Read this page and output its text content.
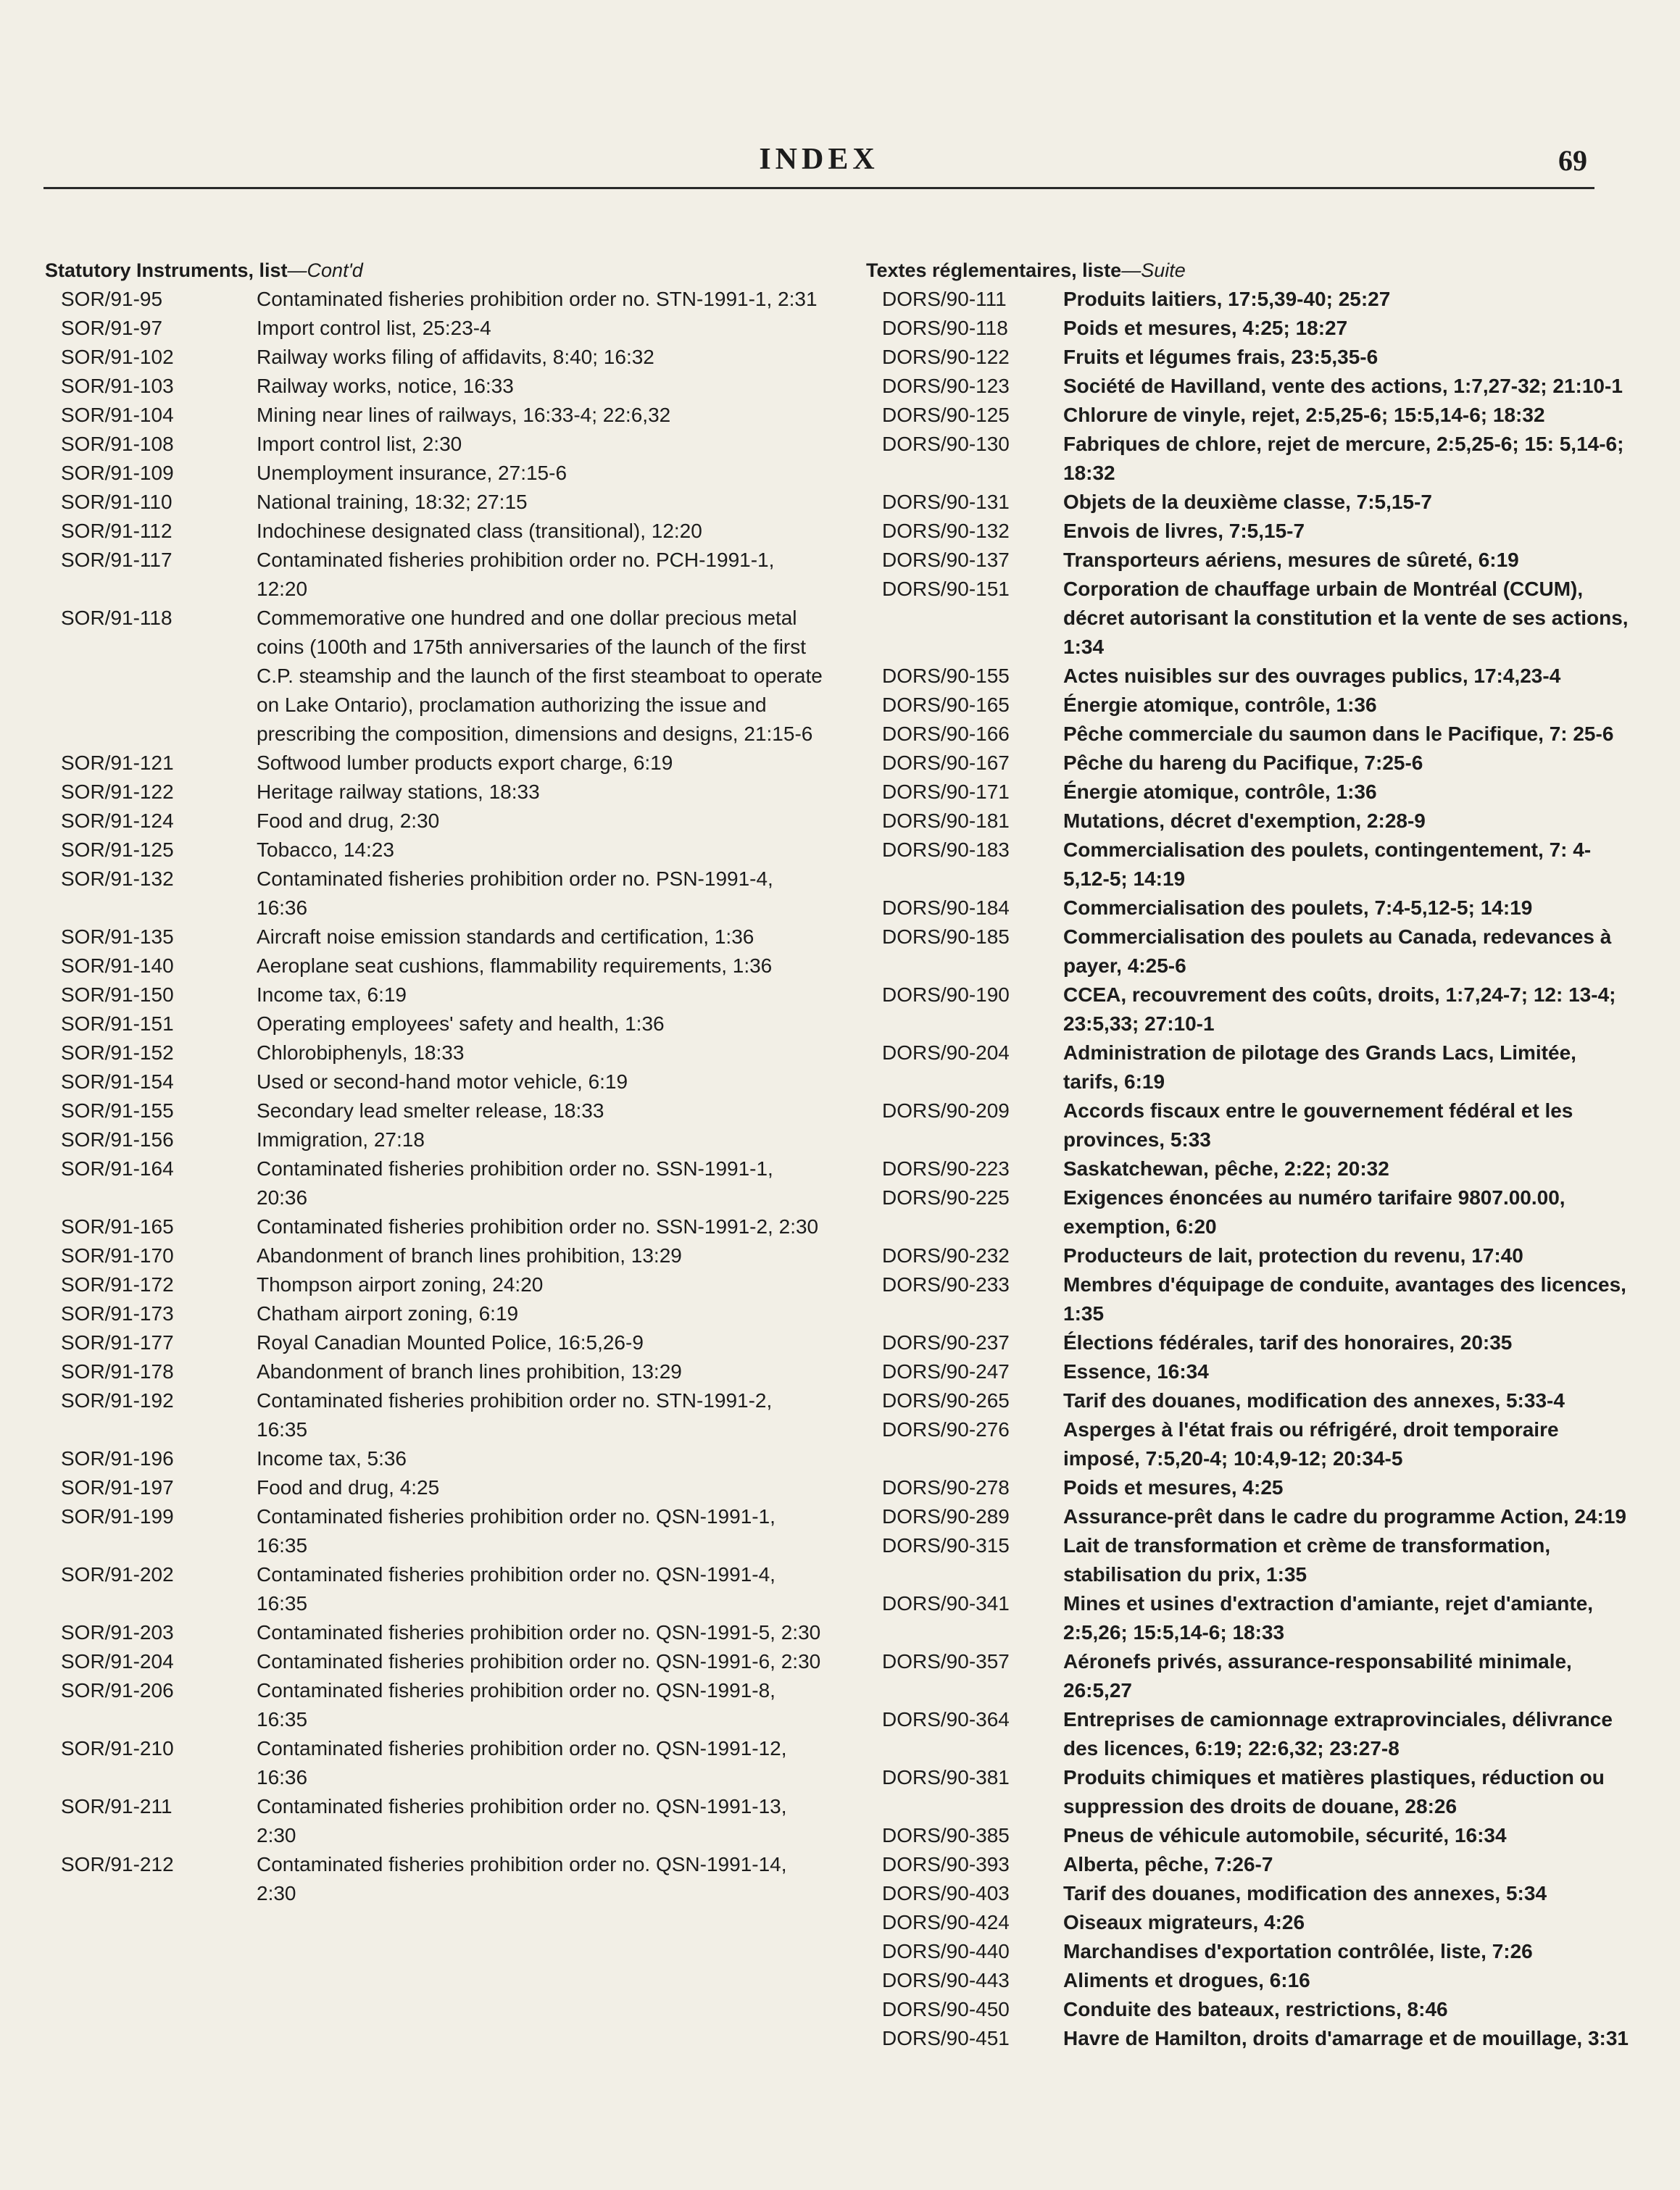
INDEX	69
Statutory Instruments, list—Cont'd
SOR/91-95	Contaminated fisheries prohibition order no. STN-1991-1, 2:31
SOR/91-97	Import control list, 25:23-4
SOR/91-102	Railway works filing of affidavits, 8:40; 16:32
SOR/91-103	Railway works, notice, 16:33
SOR/91-104	Mining near lines of railways, 16:33-4; 22:6,32
SOR/91-108	Import control list, 2:30
SOR/91-109	Unemployment insurance, 27:15-6
SOR/91-110	National training, 18:32; 27:15
SOR/91-112	Indochinese designated class (transitional), 12:20
SOR/91-117	Contaminated fisheries prohibition order no. PCH-1991-1, 12:20
SOR/91-118	Commemorative one hundred and one dollar precious metal coins (100th and 175th anniversaries of the launch of the first C.P. steamship and the launch of the first steamboat to operate on Lake Ontario), proclamation authorizing the issue and prescribing the composition, dimensions and designs, 21:15-6
SOR/91-121	Softwood lumber products export charge, 6:19
SOR/91-122	Heritage railway stations, 18:33
SOR/91-124	Food and drug, 2:30
SOR/91-125	Tobacco, 14:23
SOR/91-132	Contaminated fisheries prohibition order no. PSN-1991-4, 16:36
SOR/91-135	Aircraft noise emission standards and certification, 1:36
SOR/91-140	Aeroplane seat cushions, flammability requirements, 1:36
SOR/91-150	Income tax, 6:19
SOR/91-151	Operating employees' safety and health, 1:36
SOR/91-152	Chlorobiphenyls, 18:33
SOR/91-154	Used or second-hand motor vehicle, 6:19
SOR/91-155	Secondary lead smelter release, 18:33
SOR/91-156	Immigration, 27:18
SOR/91-164	Contaminated fisheries prohibition order no. SSN-1991-1, 20:36
SOR/91-165	Contaminated fisheries prohibition order no. SSN-1991-2, 2:30
SOR/91-170	Abandonment of branch lines prohibition, 13:29
SOR/91-172	Thompson airport zoning, 24:20
SOR/91-173	Chatham airport zoning, 6:19
SOR/91-177	Royal Canadian Mounted Police, 16:5,26-9
SOR/91-178	Abandonment of branch lines prohibition, 13:29
SOR/91-192	Contaminated fisheries prohibition order no. STN-1991-2, 16:35
SOR/91-196	Income tax, 5:36
SOR/91-197	Food and drug, 4:25
SOR/91-199	Contaminated fisheries prohibition order no. QSN-1991-1, 16:35
SOR/91-202	Contaminated fisheries prohibition order no. QSN-1991-4, 16:35
SOR/91-203	Contaminated fisheries prohibition order no. QSN-1991-5, 2:30
SOR/91-204	Contaminated fisheries prohibition order no. QSN-1991-6, 2:30
SOR/91-206	Contaminated fisheries prohibition order no. QSN-1991-8, 16:35
SOR/91-210	Contaminated fisheries prohibition order no. QSN-1991-12, 16:36
SOR/91-211	Contaminated fisheries prohibition order no. QSN-1991-13, 2:30
SOR/91-212	Contaminated fisheries prohibition order no. QSN-1991-14, 2:30
Textes réglementaires, liste—Suite
DORS/90-111	Produits laitiers, 17:5,39-40; 25:27
DORS/90-118	Poids et mesures, 4:25; 18:27
DORS/90-122	Fruits et légumes frais, 23:5,35-6
DORS/90-123	Société de Havilland, vente des actions, 1:7,27-32; 21:10-1
DORS/90-125	Chlorure de vinyle, rejet, 2:5,25-6; 15:5,14-6; 18:32
DORS/90-130	Fabriques de chlore, rejet de mercure, 2:5,25-6; 15: 5,14-6; 18:32
DORS/90-131	Objets de la deuxième classe, 7:5,15-7
DORS/90-132	Envois de livres, 7:5,15-7
DORS/90-137	Transporteurs aériens, mesures de sûreté, 6:19
DORS/90-151	Corporation de chauffage urbain de Montréal (CCUM), décret autorisant la constitution et la vente de ses actions, 1:34
DORS/90-155	Actes nuisibles sur des ouvrages publics, 17:4,23-4
DORS/90-165	Énergie atomique, contrôle, 1:36
DORS/90-166	Pêche commerciale du saumon dans le Pacifique, 7: 25-6
DORS/90-167	Pêche du hareng du Pacifique, 7:25-6
DORS/90-171	Énergie atomique, contrôle, 1:36
DORS/90-181	Mutations, décret d'exemption, 2:28-9
DORS/90-183	Commercialisation des poulets, contingentement, 7: 4-5,12-5; 14:19
DORS/90-184	Commercialisation des poulets, 7:4-5,12-5; 14:19
DORS/90-185	Commercialisation des poulets au Canada, redevances à payer, 4:25-6
DORS/90-190	CCEA, recouvrement des coûts, droits, 1:7,24-7; 12: 13-4; 23:5,33; 27:10-1
DORS/90-204	Administration de pilotage des Grands Lacs, Limitée, tarifs, 6:19
DORS/90-209	Accords fiscaux entre le gouvernement fédéral et les provinces, 5:33
DORS/90-223	Saskatchewan, pêche, 2:22; 20:32
DORS/90-225	Exigences énoncées au numéro tarifaire 9807.00.00, exemption, 6:20
DORS/90-232	Producteurs de lait, protection du revenu, 17:40
DORS/90-233	Membres d'équipage de conduite, avantages des licences, 1:35
DORS/90-237	Élections fédérales, tarif des honoraires, 20:35
DORS/90-247	Essence, 16:34
DORS/90-265	Tarif des douanes, modification des annexes, 5:33-4
DORS/90-276	Asperges à l'état frais ou réfrigéré, droit temporaire imposé, 7:5,20-4; 10:4,9-12; 20:34-5
DORS/90-278	Poids et mesures, 4:25
DORS/90-289	Assurance-prêt dans le cadre du programme Action, 24:19
DORS/90-315	Lait de transformation et crème de transformation, stabilisation du prix, 1:35
DORS/90-341	Mines et usines d'extraction d'amiante, rejet d'amiante, 2:5,26; 15:5,14-6; 18:33
DORS/90-357	Aéronefs privés, assurance-responsabilité minimale, 26:5,27
DORS/90-364	Entreprises de camionnage extraprovinciales, délivrance des licences, 6:19; 22:6,32; 23:27-8
DORS/90-381	Produits chimiques et matières plastiques, réduction ou suppression des droits de douane, 28:26
DORS/90-385	Pneus de véhicule automobile, sécurité, 16:34
DORS/90-393	Alberta, pêche, 7:26-7
DORS/90-403	Tarif des douanes, modification des annexes, 5:34
DORS/90-424	Oiseaux migrateurs, 4:26
DORS/90-440	Marchandises d'exportation contrôlée, liste, 7:26
DORS/90-443	Aliments et drogues, 6:16
DORS/90-450	Conduite des bateaux, restrictions, 8:46
DORS/90-451	Havre de Hamilton, droits d'amarrage et de mouillage, 3:31
